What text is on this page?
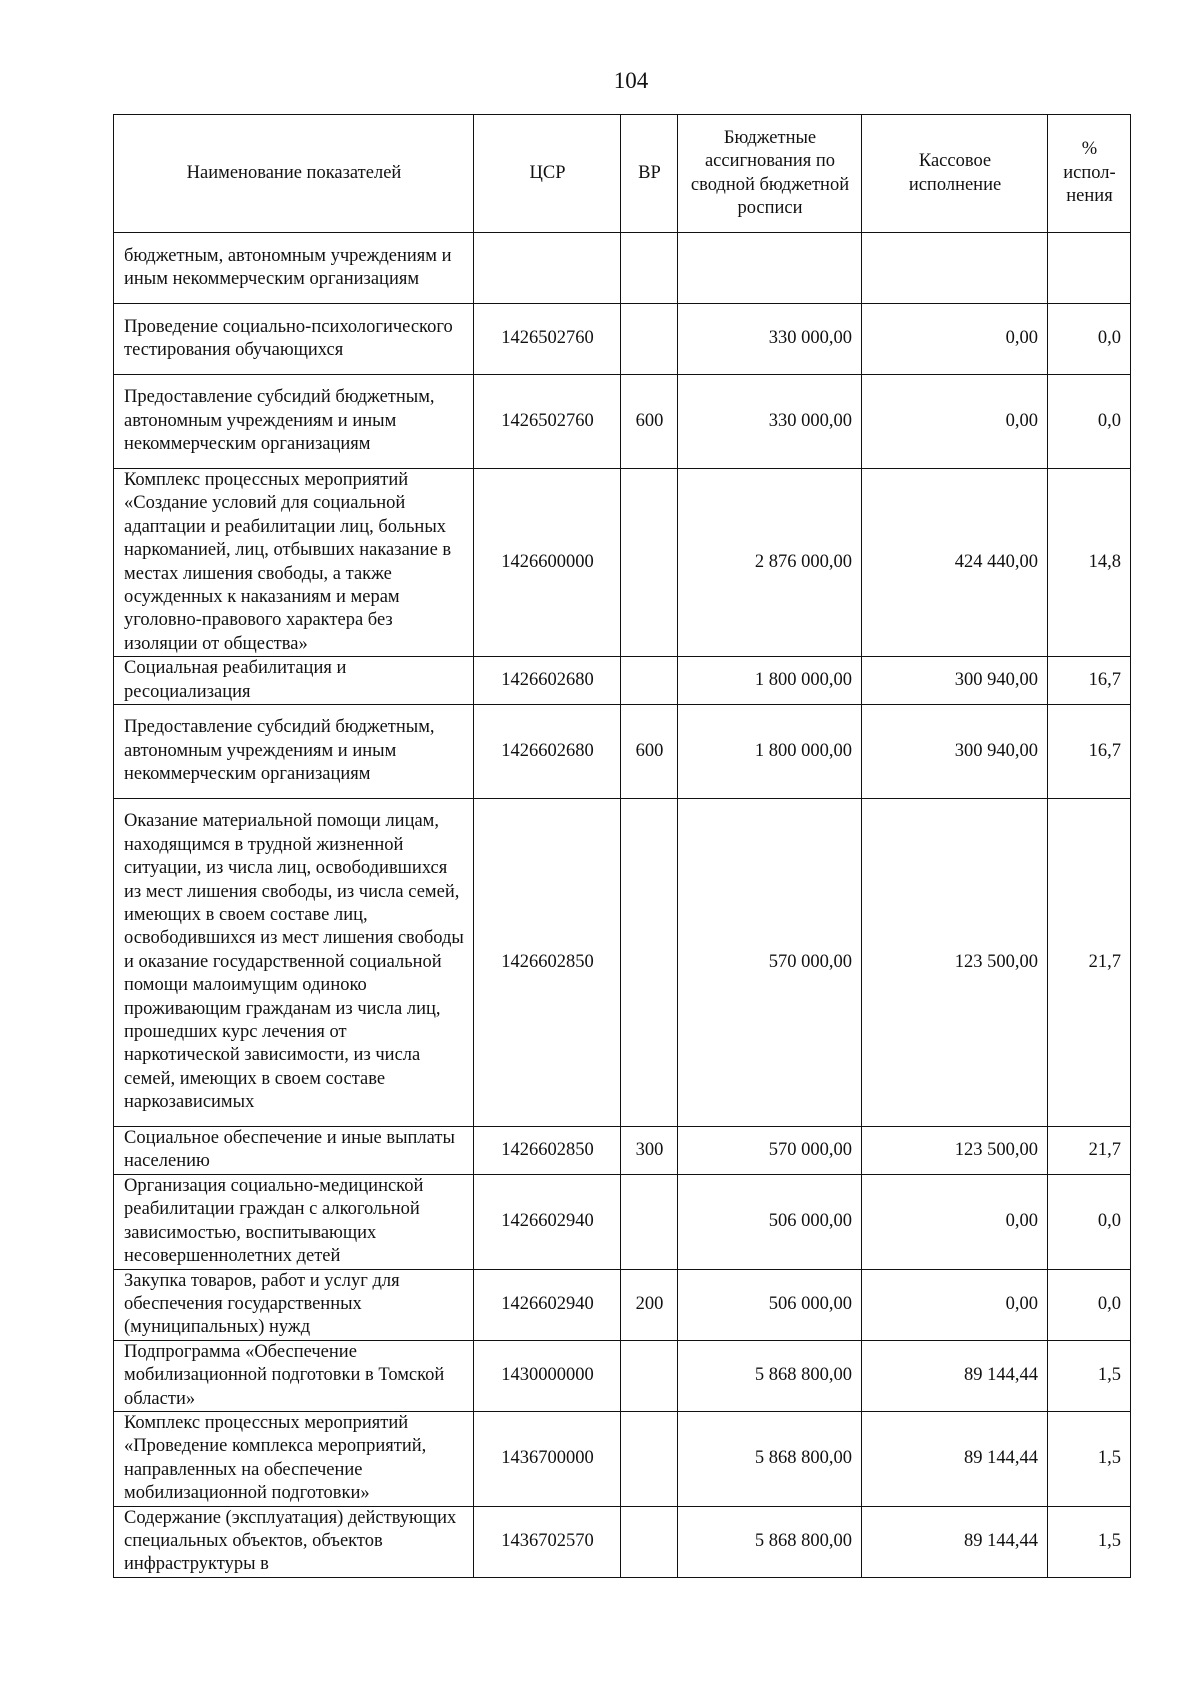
104
Наименование показателей	ЦСР	ВР	Бюджетные ассигнования по сводной бюджетной росписи	Кассовое исполнение	% испол-нения
бюджетным, автономным учреждениям и иным некоммерческим организациям					
Проведение социально-психологического тестирования обучающихся	1426502760		330 000,00	0,00	0,0
Предоставление субсидий бюджетным, автономным учреждениям и иным некоммерческим организациям	1426502760	600	330 000,00	0,00	0,0
Комплекс процессных мероприятий «Создание условий для социальной адаптации и реабилитации лиц, больных наркоманией, лиц, отбывших наказание в местах лишения свободы, а также осужденных к наказаниям и мерам уголовно-правового характера без изоляции от общества»	1426600000		2 876 000,00	424 440,00	14,8
Социальная реабилитация и ресоциализация	1426602680		1 800 000,00	300 940,00	16,7
Предоставление субсидий бюджетным, автономным учреждениям и иным некоммерческим организациям	1426602680	600	1 800 000,00	300 940,00	16,7
Оказание материальной помощи лицам, находящимся в трудной жизненной ситуации, из числа лиц, освободившихся из мест лишения свободы, из числа семей, имеющих в своем составе лиц, освободившихся из мест лишения свободы и оказание государственной социальной помощи малоимущим одиноко проживающим гражданам из числа лиц, прошедших курс лечения от наркотической зависимости, из числа семей, имеющих в своем составе наркозависимых	1426602850		570 000,00	123 500,00	21,7
Социальное обеспечение и иные выплаты населению	1426602850	300	570 000,00	123 500,00	21,7
Организация социально-медицинской реабилитации граждан с алкогольной зависимостью, воспитывающих несовершеннолетних детей	1426602940		506 000,00	0,00	0,0
Закупка товаров, работ и услуг для обеспечения государственных (муниципальных) нужд	1426602940	200	506 000,00	0,00	0,0
Подпрограмма «Обеспечение мобилизационной подготовки в Томской области»	1430000000		5 868 800,00	89 144,44	1,5
Комплекс процессных мероприятий «Проведение комплекса мероприятий, направленных на обеспечение мобилизационной подготовки»	1436700000		5 868 800,00	89 144,44	1,5
Содержание (эксплуатация) действующих специальных объектов, объектов инфраструктуры в	1436702570		5 868 800,00	89 144,44	1,5
